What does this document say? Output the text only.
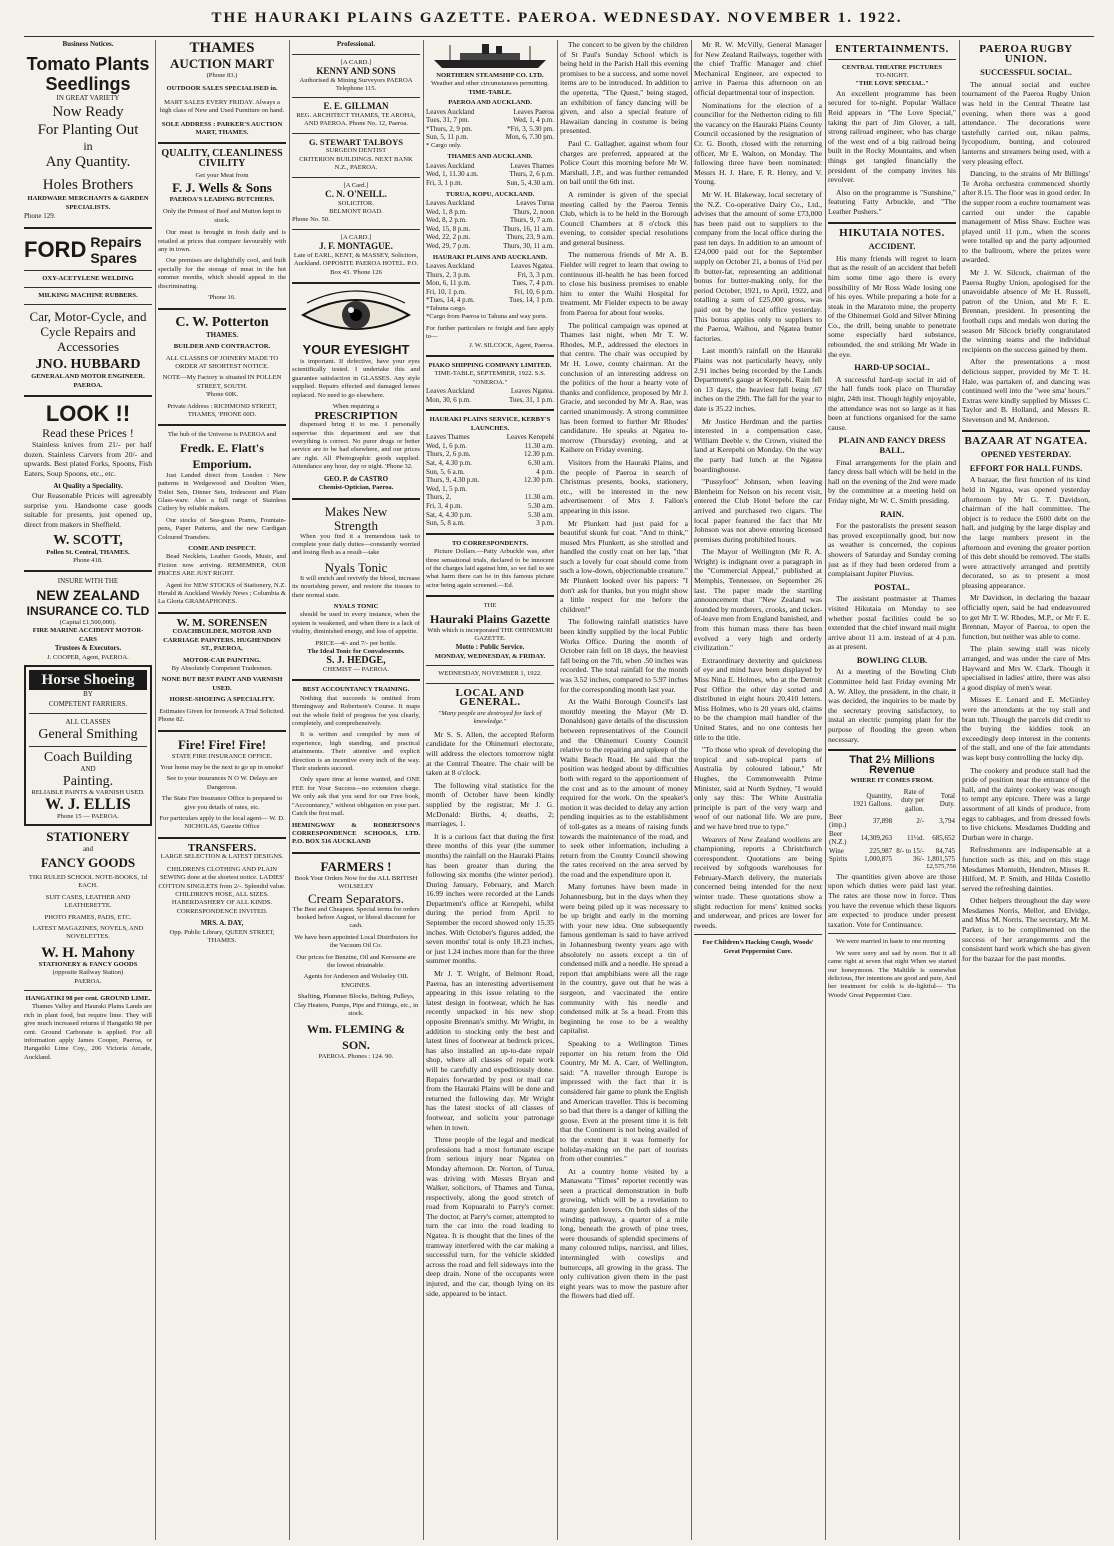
THE HAURAKI PLAINS GAZETTE. PAEROA. WEDNESDAY. NOVEMBER 1. 1922.
Business Notices.
Tomato Plants
Seedlings
IN GREAT VARIETY
Now Ready
For Planting Out
in
Any Quantity.
Holes Brothers
HARDWARE MERCHANTS & GARDEN SPECIALISTS.
Phone 129.
FORD Repairs
Spares
OXY-ACETYLENE WELDING
MILKING MACHINE RUBBERS.
Car, Motor-Cycle, and Cycle Repairs and Accessories
JNO. HUBBARD
GENERAL AND MOTOR ENGINEER. PAEROA.
LOOK !!
Read these Prices !

Stainless knives from 21/- per half dozen. Stainless Carvers from 20/- and upwards. Best plated Forks, Spoons, Fish Eaters, Soup Spoons, etc., etc.

At Quality a Speciality.

Our Reasonable Prices will agreeably surprise you. Handsome case goods suitable for presents, just opened up, direct from makers in Sheffield.

W. SCOTT,
Pollen St. Central, THAMES.
Phone 418.
INSURE WITH THE
NEW ZEALAND
INSURANCE CO. TLD
(Capital £1,500,000).
FIRE MARINE ACCIDENT MOTOR-CARS
Trustees & Executors.
J. COOPER, Agent, PAEROA.
Horse Shoeing
BY
COMPETENT FARRIERS.
ALL CLASSES
General Smithing
Coach Building
AND
Painting.
RELIABLE PAINTS & VARNISH USED.
W. J. ELLIS
Phone 15 — PAEROA.
STATIONERY
and
FANCY GOODS
TIKI RULED SCHOOL NOTE-BOOKS, 1d EACH.
SUIT CASES, LEATHER AND LEATHERETTE.
PHOTO FRAMES, PADS, ETC.
LATEST MAGAZINES, NOVELS, AND NOVELETTES.
W. H. Mahony
STATIONERY & FANCY GOODS
(opposite Railway Station)
PAEROA.
HANGATIKI 98 per cent. GROUND LIME.

Thames Valley and Hauraki Plains Lands are rich in plant food, but require lime. They will give much increased returns if Hangatiki 98 per cent. Ground Carbonate is applied. For all information apply James Cooper, Paeroa, or Hangatiki Lime Coy., 206 Victoria Arcade, Auckland.

THAMES
AUCTION MART
(Phone 83.)
OUTDOOR SALES SPECIALISED in.
MART SALES EVERY FRIDAY. Always a high class of New and Used Furniture on hand.
SOLE ADDRESS : PARKER'S AUCTION MART, THAMES.
QUALITY, CLEANLINESS CIVILITY
Get your Meat from
F. J. Wells & Sons
PAEROA'S LEADING BUTCHERS.
Only the Primest of Beef and Mutton kept in stock.

Our meat is brought in fresh daily and is retailed at prices that compare favourably with any in town.

Our premises are delightfully cool, and built specially for the storage of meat in the hot summer months, which should appeal to the discriminating.

'Phone 16.
C. W. Potterton
THAMES.
BUILDER AND CONTRACTOR.
ALL CLASSES OF JOINERY MADE TO ORDER AT SHORTEST NOTICE.
NOTE—My Factory is situated IN POLLEN STREET, SOUTH.
'Phone 60K.
Private Address : RICHMOND STREET, THAMES, 'PHONE 60D.
The hub of the Universe is PAEROA and
Fredk. E. Flatt's
Emporium.

Just Landed direct from London : New patterns in Wedgewood and Doulton Ware, Toilet Sets, Dinner Sets, Iridescent and Plain Glass-ware. Also a full range of Stainless Cutlery by reliable makers.

Our stocks of Sea-grass Prams, Fountain-pens, Paper Patterns, and the new Cardigan Coloured Transfers.

COME AND INSPECT.

Bead Necklets, Leather Goods, Music, and Fiction now arriving. REMEMBER, OUR PRICES ARE JUST RIGHT.

Agent for NEW STOCKS of Stationery, N.Z. Herald & Auckland Weekly News ; Columbia & La Gloria GRAMAPHONES.

W. M. SORENSEN
COACHBUILDER, MOTOR AND CARRIAGE PAINTERS. HUGHENDON ST., PAEROA,
MOTOR-CAR PAINTING.
By Absolutely Competent Tradesmen.
NONE BUT BEST PAINT AND VARNISH USED.
HORSE-SHOEING A SPECIALITY.
Estimates Given for Ironwork A Trial Solicited.
Phone 82.
Fire! Fire! Fire!
STATE FIRE INSURANCE OFFICE.
Your home may be the next to go up in smoke!
See to your insurances N O W. Delays are Dangerous.
The State Fire Insurance Office is prepared to give you details of rates, etc.
For particulars apply to the local agent— W. D. NICHOLAS, Gazette Office
TRANSFERS.
LARGE SELECTION & LATEST DESIGNS.
CHILDREN'S CLOTHING AND PLAIN SEWING done at the shortest notice. LADIES' COTTON SINGLETS from 2/-. Splendid value. CHILDREN'S HOSE, ALL SIZES. HABERDASHERY OF ALL KINDS. CORRESPONDENCE INVITED.
MRS. A. DAY,
Opp. Public Library, QUEEN STREET, THAMES.
Professional.
[A CARD.]
KENNY AND SONS
Authorised & Mining Surveyors PAEROA Telephone 115.
E. E. GILLMAN
REG. ARCHITECT THAMES, TE AROHA, AND PAEROA. Phone No. 12, Paeroa.
G. STEWART TALBOYS
SURGEON DENTIST
CRITERION BUILDINGS. NEXT BANK N.Z., PAEROA.
[A Card.]
C. N. O'NEILL.
SOLICITOR.
BELMONT ROAD.
Phone No. 50.
[A CARD.]
J. F. MONTAGUE.
Late of EARL, KENT, & MASSEY, Solicitors, Auckland. OPPOSITE PAEROA HOTEL. P.O. Box 43. 'Phone 126
YOUR EYESIGHT

is important. If defective, have your eyes scientifically tested. I undertake this and guarantee satisfaction in GLASSES. Any style supplied. Repairs effected and damaged lenses replaced. No need to go elsewhere.

When requiring a
PRESCRIPTION

dispensed bring it to me. I personally supervise this department and see that everything is correct. No purer drugs or better service are to be had elsewhere, and our prices are right. All Photographic goods supplied. Attendance any hour, day or night. 'Phone 32.

GEO. P. de CASTRO
Chemist-Optician, Paeroa.
Makes New
Strength

When you find it a tremendous task to complete your daily duties—constantly worried and losing flesh as a result—take

Nyals Tonic

It will enrich and revivify the blood, increase its nourishing power, and restore the tissues to their normal state.

NYALS TONIC

should be used in every instance, when the system is weakened, and when there is a lack of vitality, diminished energy, and loss of appetite.

PRICE—4/- and 7/- per bottle.
The Ideal Tonic for Convalescents.
S. J. HEDGE,
CHEMIST — PAEROA.
BEST ACCOUNTANCY TRAINING.

Nothing that succeeds is omitted from Hemingway and Robertson's Course. It maps out the whole field of progress for you clearly, completely, and comprehensively.

It is written and compiled by men of experience, high standing, and practical attainments. Their attentive and explicit direction is an incentive every inch of the way. Their students succeed.

Only spare time at home wanted, and ONE FEE for Your Success—no extension charge. We only ask that you send for our Free book, "Accountancy," without obligation on your part. Catch the first mail.

HEMINGWAY & ROBERTSON'S CORRESPONDENCE SCHOOLS, LTD. P.O. BOX 516 AUCKLAND
FARMERS !
Book Your Orders Now for the ALL BRITISH WOLSELEY
Cream Separators.
The Best and Cheapest. Special terms for orders booked before August, or liberal discount for cash.
We have been appointed Local Distributors for the Vacuum Oil Co.
Our prices for Benzine, Oil and Kerosene are the lowest obtainable.
Agents for Anderson and Wolseley OIL ENGINES.
Shafting, Plummer Blocks, Belting, Pulleys, Clay Heaters, Pumps, Pipe and Fittings, etc., in stock.
Wm. FLEMING & SON.
PAEROA. Phones : 124. 90.
NORTHERN STEAMSHIP CO. LTD.
Weather and other circumstances permitting.
TIME-TABLE.
PAEROA AND AUCKLAND.
Leaves Auckland	Leaves Paeroa
Tues, 31, 7 pm.	Wed, 1, 4 p.m.
*Thurs, 2, 9 pm.	*Fri, 3, 5.30 pm.
Sun, 5, 11 p.m.	Mon, 6, 7.30 pm.
* Cargo only.
THAMES AND AUCKLAND.
Leaves Auckland	Leaves Thames
Wed, 1, 11.30 a.m.	Thurs, 2, 6 p.m.
Fri, 3, 1 p.m.	Sun, 5, 4.30 a.m.
TURUA, KOPU, AUCKLAND.
Leaves Auckland	Leaves Turua
Wed, 1, 8 p.m.	Thurs, 2, noon
Wed, 8, 2 p.m.	Thurs, 9, 7 a.m.
Wed, 15, 8 p.m.	Thurs, 16, 11 a.m.
Wed, 22, 2 p.m.	Thurs, 23, 9 a.m.
Wed, 29, 7 p.m.	Thurs, 30, 11 a.m.
HAURAKI PLAINS AND AUCKLAND.
Leaves Auckland	Leaves Ngatea.
Thurs, 2, 3 p.m.	Fri, 3, 3 p.m.
Mon, 6, 11 p.m.	Tues, 7, 4 p.m.
Fri, 10, 1 p.m.	Fri, 10, 6 p.m.
*Tues, 14, 4 p.m.	Tues, 14, 1 p.m.
*Tahuna cargo.
*Cargo from Paeroa to Tahuna and way ports.
For further particulars re freight and fare apply to—
J. W. SILCOCK, Agent, Paeroa.
PIAKO SHIPPING COMPANY LIMITED.
TIME-TABLE, SEPTEMBER, 1922. S.S. "ONEROA."
Leaves Auckland	Leaves Ngatea.
Mon, 30, 6 p.m.	Tues, 31, 1 p.m.
HAURAKI PLAINS SERVICE, KERBY'S LAUNCHES.
Leaves Thames	Leaves Kerepehi
Wed, 1, 6 p.m.	11.30 a.m.
Thurs, 2, 6 p.m.	12.30 p.m.
Sat, 4, 4.30 p.m.	6.30 a.m.
Sun, 5, 6 a.m.	4 p.m.
Thurs, 9, 4.30 p.m.	12.30 p.m.
Wed, 1, 5 p.m.	
Thurs, 2,	11.30 a.m.
Fri, 3, 4 p.m.	5.30 a.m.
Sat, 4, 4.30 p.m.	5.30 a.m.
Sun, 5, 8 a.m.	3 p.m.
TO CORRESPONDENTS.

Picture Dollars.—Patty Arbuckle was, after three sensational trials, declared to be innocent of the charges laid against him, so we fail to see what harm there can be in this famous picture actor being again screened.—Ed.

THE
Hauraki Plains Gazette
With which is incorporated THE OHINEMURI GAZETTE.
Motto : Public Service.
MONDAY, WEDNESDAY, & FRIDAY.
WEDNESDAY, NOVEMBER 1, 1922.
LOCAL AND GENERAL.
"Many people are destroyed for lack of knowledge."

Mr S. S. Allen, the accepted Reform candidate for the Ohinemuri electorate, will address the electors tomorrow night at the Central Theatre. The chair will be taken at 8 o'clock.

The following vital statistics for the month of October have been kindly supplied by the registrar, Mr J. G. McDonald: Births, 4; deaths, 2; marriages, 1.

It is a curious fact that during the first three months of this year (the summer months) the rainfall on the Hauraki Plains has been greater than during the following six months (the winter period). During January, February, and March 16.99 inches were recorded at the Lands Department's office at Kerepehi, whilst during the period from April to September the record showed only 15.35 inches. With October's figures added, the seven months' total is only 18.23 inches, or just 1.24 inches more than for the three summer months.

Mr J. T. Wright, of Belmont Road, Paeroa, has an interesting advertisement appearing in this issue relating to the latest design in footwear, which he has recently unpacked in his new shop opposite Brennan's smithy. Mr Wright, in addition to stocking only the best and latest lines of footwear at bedrock prices, has also installed an up-to-date repair shop, where all classes of repair work will be carefully and expeditiously done. Repairs forwarded by post or mail car from the Hauraki Plains will be done and returned the following day. Mr Wright has the latest stocks of all classes of footwear, and solicits your patronage when in town.

Three people of the legal and medical professions had a most fortunate escape from serious injury near Ngatea on Monday afternoon. Dr. Norton, of Turua, was driving with Messrs Bryan and Walker, solicitors, of Thames and Turua, respectively, along the good stretch of road from Kopuarahi to Parry's corner. The doctor, at Parry's corner, attempted to turn the car into the road leading to Ngatea. It is thought that the lines of the tramway interfered with the car making a successful turn, for the vehicle skidded across the road and fell sideways into the deep drain. None of the occupants were injured, and the car, though lying on its side, appeared to be intact.

The concert to be given by the children of St Paul's Sunday School which is being held in the Parish Hall this evening promises to be a success, and some novel items are to be introduced. In addition to the operetta, "The Quest," being staged, an exhibition of fancy dancing will be given, and also a special feature of Hawaiian dancing in costume is being presented.

Paul C. Gallagher, against whom four charges are preferred, appeared at the Police Court this morning before Mr W. Marshall, J.P., and was further remanded on bail until the 6th inst.

A reminder is given of the special meeting called by the Paeroa Tennis Club, which is to be held in the Borough Council Chambers at 8 o'clock this evening, to consider special resolutions and general business.

The numerous friends of Mr A. B. Fielder will regret to learn that owing to continuous ill-health he has been forced to close his business premises to enable him to enter the Waihi Hospital for treatment. Mr Fielder expects to be away from Paeroa for about four weeks.

The political campaign was opened at Thames last night, when Mr T. W. Rhodes, M.P., addressed the electors in that centre. The chair was occupied by Mr H. Lowe, county chairman. At the conclusion of an interesting address on the politics of the hour a hearty vote of thanks and confidence, proposed by Mr J. Gracie, and seconded by Mr A. Rae, was carried unanimously. A strong committee has been formed to further Mr Rhodes' candidature. He speaks at Ngatea to-morrow (Thursday) evening, and at Kaihere on Friday evening.

Visitors from the Hauraki Plains, and the people of Paeroa in search of Christmas presents, books, stationery, etc., will be interested in the new advertisement of Mrs J. Fallon's appearing in this issue.

Mr Plunkett had just paid for a beautiful skunk fur coat. "And to think," mused Mrs Plunkett, as she strolled and handled the costly coat on her lap, "that such a lovely fur coat should come from such a low-down, objectionable creature." Mr Plunkett looked over his papers: "I don't ask for thanks, but you might show a little respect for me before the children!"

The following rainfall statistics have been kindly supplied by the local Public Works Office. During the month of October rain fell on 18 days, the heaviest fall being on the 7th, when .50 inches was recorded. The total rainfall for the month was 3.52 inches, compared to 5.97 inches for the corresponding month last year.

At the Waihi Borough Council's last monthly meeting the Mayor (Mr D. Donaldson) gave details of the discussion between representatives of the Council and the Ohinemuri County Council relative to the repairing and upkeep of the Waihi Beach Road. He said that the position was hedged about by difficulties both with regard to the apportionment of the cost and as to the amount of money required for the work. On the speaker's motion it was decided to delay any action pending inquiries as to the establishment of toll-gates as a means of raising funds towards the maintenance of the road, and to seek other information, including a return from the County Council showing the rates received on the area served by the road and the expenditure upon it.

Many fortunes have been made in Johannesburg, but in the days when they were being piled up it was necessary to be up bright and early in the morning with your new idea. One subsequently famous gentleman is said to have arrived in Johannesburg twenty years ago with absolutely no assets except a tin of condensed milk and a needle. He spread a report that amphibians were all the rage in the country, gave out that he was a surgeon, and vaccinated the entire community with his needle and condensed milk at 5s a head. From this beginning he rose to be a wealthy capitalist.

Speaking to a Wellington Times reporter on his return from the Old Country, Mr M. A. Carr, of Wellington, said: "A traveller through Europe is impressed with the fact that it is considered fair game to plunk the English and American traveller. This is becoming so bad that there is a danger of killing the goose. Even at the present time it is felt that the Continent is not being availed of to the extent that it was formerly for holiday-making on the part of tourists from other countries."

At a country home visited by a Manawatu "Times" reporter recently was seen a practical demonstration in bulb growing, which will be a revelation to many garden lovers. On both sides of the winding pathway, a quarter of a mile long, beneath the growth of pine trees, were thousands of splendid specimens of many coloured tulips, narcissi, and lilies, intermingled with cowslips and buttercups, all growing in the grass. The only cultivation given them in the past eight years was to mow the pasture after the flowers had died off.

Mr R. W. McVilly, General Manager for New Zealand Railways, together with the chief Traffic Manager and chief Mechanical Engineer, are expected to arrive in Paeroa this afternoon on an official departmental tour of inspection.

Nominations for the election of a councillor for the Netherton riding to fill the vacancy on the Hauraki Plains County Council occasioned by the resignation of Cr. G. Booth, closed with the returning officer, Mr E. Walton, on Monday. The following three have been nominated: Messrs H. J. Hare, F. R. Henry, and V. Young.

Mr W. H. Blakeway, local secretary of the N.Z. Co-operative Dairy Co., Ltd., advises that the amount of some £73,000 has been paid out to suppliers to the company from the local office during the past ten days. In addition to an amount of £24,000 paid out for the September supply on October 21, a bonus of 1½d per lb butter-fat, representing an additional bonus for butter-making only, for the period October, 1921, to April, 1922, and totalling a sum of £25,000 gross, was paid out by the local office yesterday. This bonus applies only to suppliers to the Paeroa, Waihou, and Ngatea butter factories.

Last month's rainfall on the Hauraki Plains was not particularly heavy, only 2.91 inches being recorded by the Lands Department's gauge at Kerepehi. Rain fell on 13 days, the heaviest fall being .67 inches on the 29th. The fall for the year to date is 35.22 inches.

Mr Justice Herdman and the parties interested in a compensation case, William Deeble v. the Crown, visited the land at Kerepehi on Monday. On the way the party had lunch at the Ngatea boardinghouse.

"Pussyfoot" Johnson, when leaving Blenheim for Nelson on his recent visit, entered the Club Hotel before the car arrived and purchased two cigars. The local paper featured the fact that Mr Johnson was not above entering licensed premises during prohibited hours.

The Mayor of Wellington (Mr R. A. Wright) is indignant over a paragraph in the "Commercial Appeal," published at Memphis, Tennessee, on September 26 last. The paper made the startling announcement that "New Zealand was founded by murderers, crooks, and ticket-of-leave men from England banished, and from this human mass there has been evolved a very high and orderly civilization."

Extraordinary dexterity and quickness of eye and mind have been displayed by Miss Nina E. Holmes, who at the Detroit Post Office the other day sorted and distributed in eight hours 20,410 letters. Miss Holmes, who is 20 years old, claims to be the champion mail handler of the United States, and no one contests her title to the title.

"To those who speak of developing the tropical and sub-tropical parts of Australia by coloured labour," Mr Hughes, the Commonwealth Prime Minister, said at North Sydney, "I would only say this: The White Australia principle is part of the very warp and woof of our national life. We are pure, and we have bred true to type."

Wearers of New Zealand woollens are championing, reports a Christchurch correspondent. Quotations are being received by softgoods warehouses for February-March delivery, the materials concerned being intended for the next winter trade. These quotations show a slight reduction for mens' knitted socks and underwear, and prices are lower for tweeds.

For Children's Hacking Cough, Woods' Great Peppermint Cure.
ENTERTAINMENTS.
CENTRAL THEATRE PICTURES
TO-NIGHT.
"THE LOVE SPECIAL."

An excellent programme has been secured for to-night. Popular Wallace Reid appears in "The Love Special," taking the part of Jim Glover, a tall, strong railroad engineer, who has charge of the west end of a big railroad being built in the Rocky Mountains, and when things get tangled financially the president of the company invites his revolver.

Also on the programme is "Sunshine," featuring Fatty Arbuckle, and "The Leather Pushers."

HIKUTAIA NOTES.
ACCIDENT.

His many friends will regret to learn that as the result of an accident that befell him some time ago there is every possibility of Mr Ross Wade losing one of his eyes. While preparing a hole for a steak in the Maratoto mine, the property of the Ohinemuri Gold and Silver Mining Co., the drill, being unable to penetrate some especially hard substance, rebounded, the end striking Mr Wade in the eye.

HARD-UP SOCIAL.

A successful hard-up social in aid of the hall funds took place on Thursday night, 24th inst. Though highly enjoyable, the attendance was not so large as it has been at functions organised for the same cause.

PLAIN AND FANCY DRESS BALL.

Final arrangements for the plain and fancy dress ball which will be held in the hall on the evening of the 2nd were made by the committee at a meeting held on Friday night, Mr W. C. Smith presiding.

RAIN.

For the pastoralists the present season has proved exceptionally good, but now as weather is concerned, the copious showers of Saturday and Sunday coming just as if they had been ordered from a complaisant Jupiter Pluvius.

POSTAL.

The assistant postmaster at Thames visited Hikutaia on Monday to see whether postal facilities could be so extended that the chief inward mail might arrive about 11 a.m. instead of at 4 p.m. as at present.

BOWLING CLUB.

At a meeting of the Bowling Club Committee held last Friday evening Mr A. W. Alley, the president, in the chair, it was decided, the inquiries to be made by the secretary proving satisfactory, to instal an electric pumping plant for the purpose of flooding the green when necessary.

That 2½ Millions Revenue
WHERE IT COMES FROM.
	Quantity, 1921 Gallons.	Rate of duty per gallon.	Total Duty.
Beer (imp.)	37,898	2/-	3,794
Beer (N.Z.)	14,309,263	11½d.	685,652
Wine	225,987	8/- to 15/-	84,745
Spirits	1,000,875	36/-	1,801,575
£2,575,756

The quantities given above are those upon which duties were paid last year. The rates are those now in force. Thus you have the revenue which these liquors are expected to produce under present taxation. Vote for Continuance.

We were married in haste to one morning

We were sorry and sad by noon. But it all came right at seven that night When we started our honeymoon. The Maltilde is somewhat delicious, Her intentions are good and pure, And her treatment for colds is de-lightful— 'Tis Woods' Great Peppermint Cure.

PAEROA RUGBY UNION.
SUCCESSFUL SOCIAL.

The annual social and euchre tournament of the Paeroa Rugby Union was held in the Central Theatre last evening, when there was a good attendance. The decorations were tastefully carried out, nikau palms, lycopodium, bunting, and coloured lanterns and streamers being used, with a very pleasing effect.

Dancing, to the strains of Mr Billings' Te Aroha orchestra commenced shortly after 8.15. The floor was in good order. In the supper room a euchre tournament was carried out under the capable management of Miss Shaw. Euchre was played until 11 p.m., when the scores were totalled up and the party adjourned to the ballroom, where the prizes were awarded.

Mr J. W. Silcock, chairman of the Paeroa Rugby Union, apologised for the unavoidable absence of Mr H. Russell, patron of the Union, and Mr F. E. Brennan, president. In presenting the football cups and medals won during the season Mr Silcock briefly congratulated the winning teams and the individual recipients on the success gained by them.

After the presentations a most delicious supper, provided by Mr T. H. Hale, was partaken of, and dancing was continued well into the "wee sma' hours." Extras were kindly supplied by Misses C. Taylor and B. Holland, and Messrs R. Stevenson and M. Anderson.

BAZAAR AT NGATEA.
OPENED YESTERDAY.
EFFORT FOR HALL FUNDS.

A bazaar, the first function of its kind held in Ngatea, was opened yesterday afternoon by Mr G. T. Davidson, chairman of the hall committee. The object is to reduce the £600 debt on the hall, and judging by the large display and the large numbers present in the afternoon and evening the greater portion of this debt should be removed. The stalls were attractively arranged and prettily decorated, so as to present a most pleasing appearance.

Mr Davidson, in declaring the bazaar officially open, said he had endeavoured to get Mr T. W. Rhodes, M.P., or Mr F. E. Brennan, Mayor of Paeroa, to open the function, but neither was able to come.

The plain sewing stall was nicely arranged, and was under the care of Mrs Hayward and Mrs W. Clark. Though it specialised in ladies' attire, there was also a good display of men's wear.

Misses E. Lenard and E. McGinley were the attendants at the toy stall and bran tub. Though the parcels did credit to the buying the kiddies took an exceedingly deep interest in the contents of the stall, and one of the fair attendants was kept busy controlling the lucky dip.

The cookery and produce stall had the pride of position near the entrance of the hall, and the dainty cookery was enough to tempt any epicure. There was a large assortment of all kinds of produce, from eggs to cabbages, and from dressed fowls to live chickens. Mesdames Dudding and Durban were in charge.

Refreshments are indispensable at a function such as this, and on this stage Mesdames Monteith, Hendren, Misses R. Hilford, M. P. Smith, and Hilda Costello served the refreshing dainties.

Other helpers throughout the day were Mesdames Norris, Mellor, and Elvidge, and Miss M. Norris. The secretary, Mr M. Parker, is to be complimented on the success of her arrangements and the consistent hard work which she has given for the bazaar for the past months.
